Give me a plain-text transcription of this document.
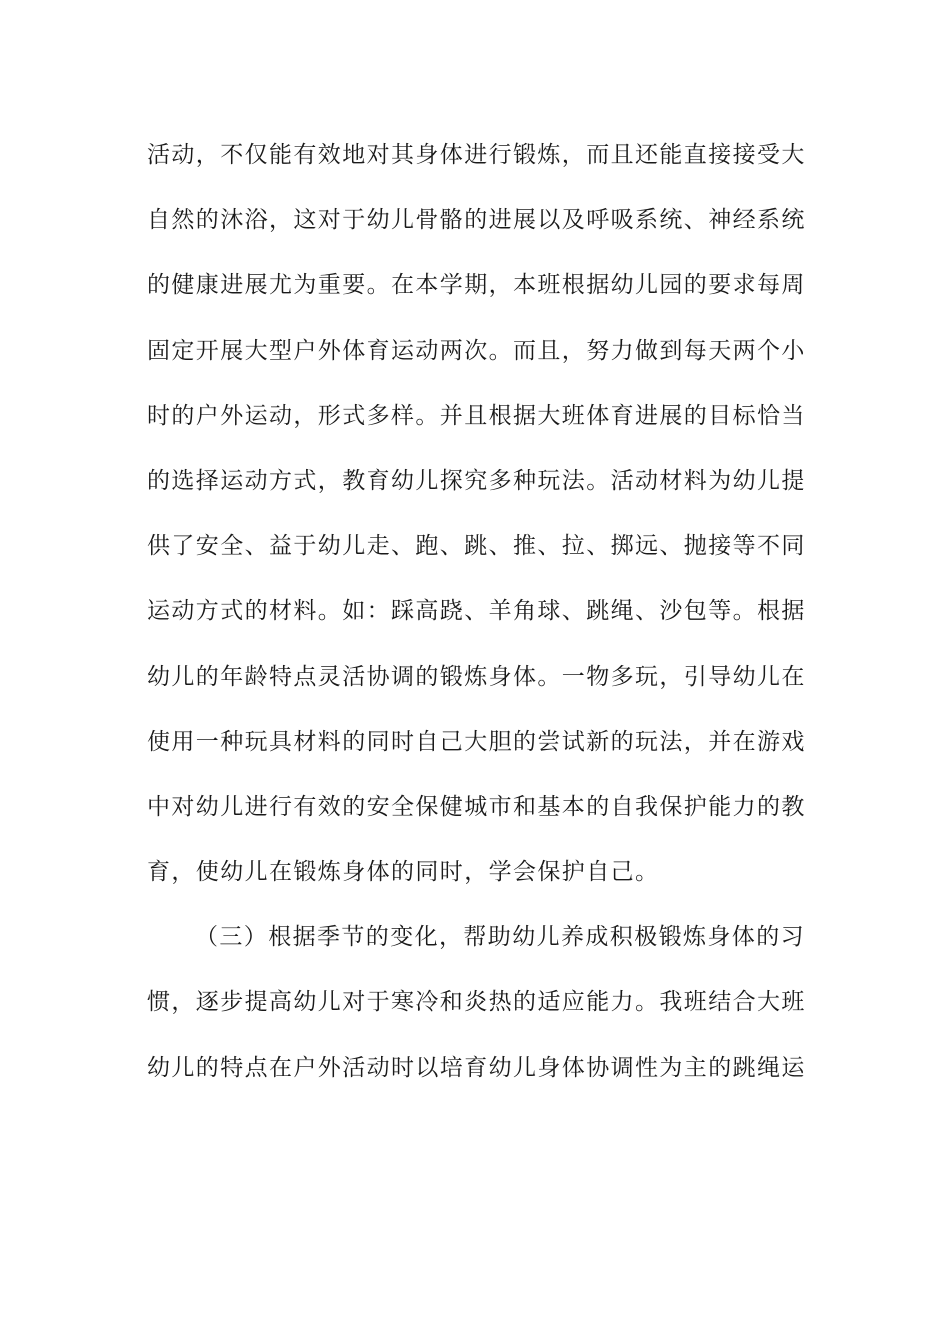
活动，不仅能有效地对其身体进行锻炼，而且还能直接接受大
自然的沐浴，这对于幼儿骨骼的进展以及呼吸系统、神经系统
的健康进展尤为重要。在本学期，本班根据幼儿园的要求每周
固定开展大型户外体育运动两次。而且，努力做到每天两个小
时的户外运动，形式多样。并且根据大班体育进展的目标恰当
的选择运动方式，教育幼儿探究多种玩法。活动材料为幼儿提
供了安全、益于幼儿走、跑、跳、推、拉、掷远、抛接等不同
运动方式的材料。如：踩高跷、羊角球、跳绳、沙包等。根据
幼儿的年龄特点灵活协调的锻炼身体。一物多玩，引导幼儿在
使用一种玩具材料的同时自己大胆的尝试新的玩法，并在游戏
中对幼儿进行有效的安全保健城市和基本的自我保护能力的教
育，使幼儿在锻炼身体的同时，学会保护自己。
（三）根据季节的变化，帮助幼儿养成积极锻炼身体的习
惯，逐步提高幼儿对于寒冷和炎热的适应能力。我班结合大班
幼儿的特点在户外活动时以培育幼儿身体协调性为主的跳绳运
